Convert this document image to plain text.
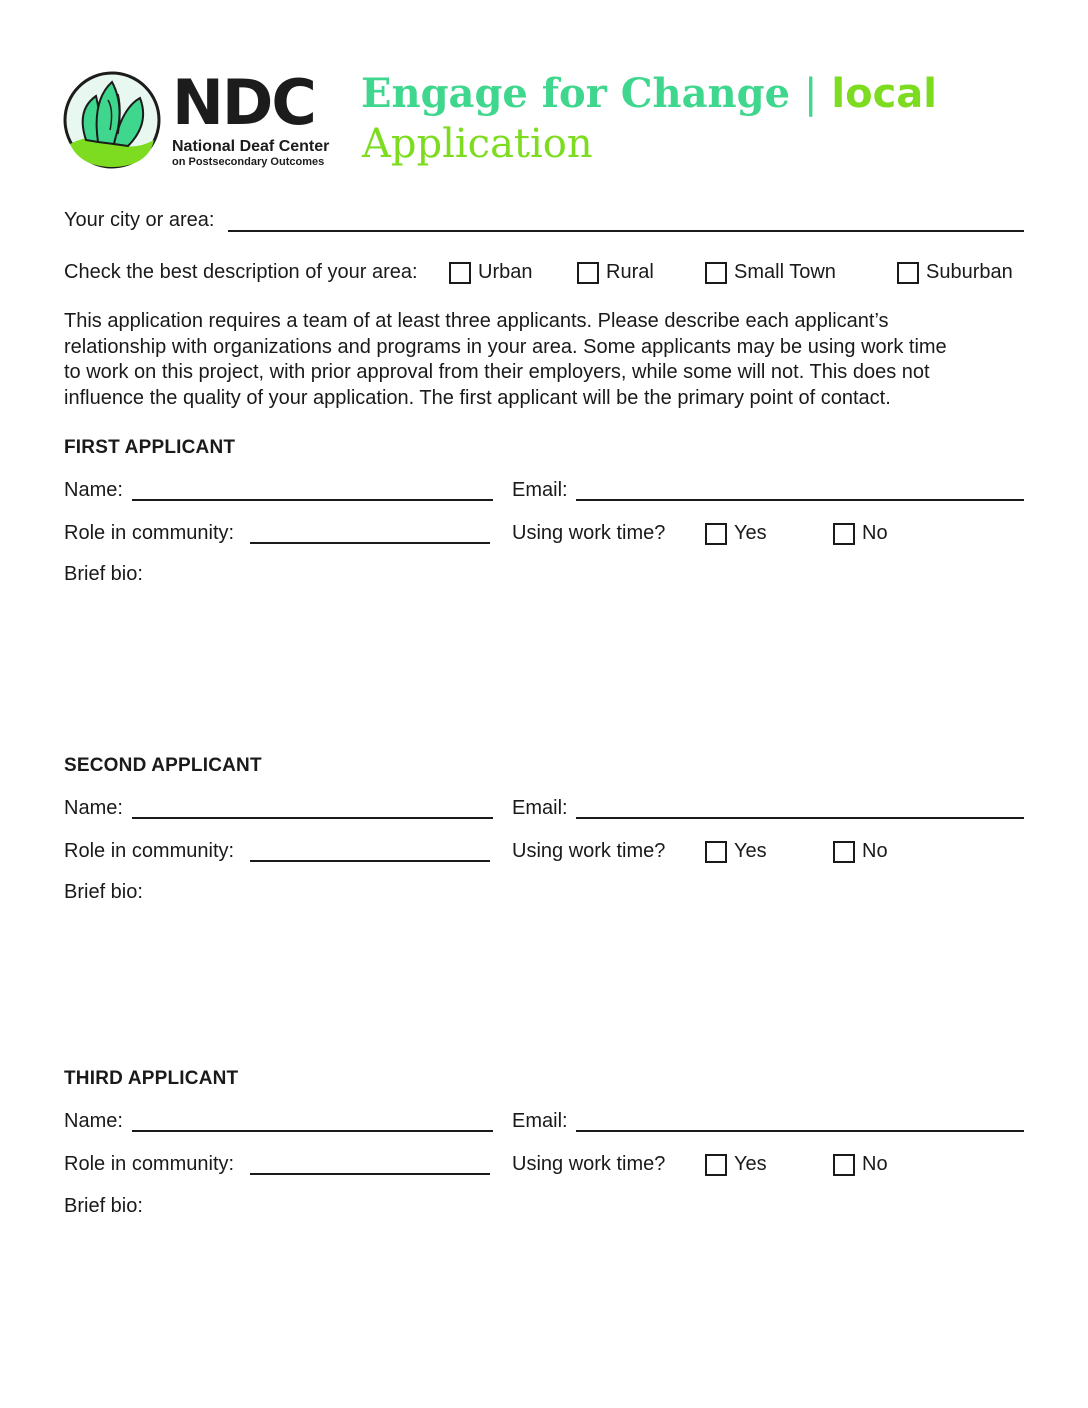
NDC
National Deaf Center
on Postsecondary Outcomes
Engage for Change | local
Application
Your city or area:
Check the best description of your area:	Urban	Rural	Small Town	Suburban
This application requires a team of at least three applicants. Please describe each applicant’s
relationship with organizations and programs in your area. Some applicants may be using work time
to work on this project, with prior approval from their employers, while some will not. This does not
influence the quality of your application. The first applicant will be the primary point of contact.
FIRST APPLICANT
Name:	Email:
Role in community:	Using work time?	Yes	No
Brief bio:
SECOND APPLICANT
Name:	Email:
Role in community:	Using work time?	Yes	No
Brief bio:
THIRD APPLICANT
Name:	Email:
Role in community:	Using work time?	Yes	No
Brief bio:
